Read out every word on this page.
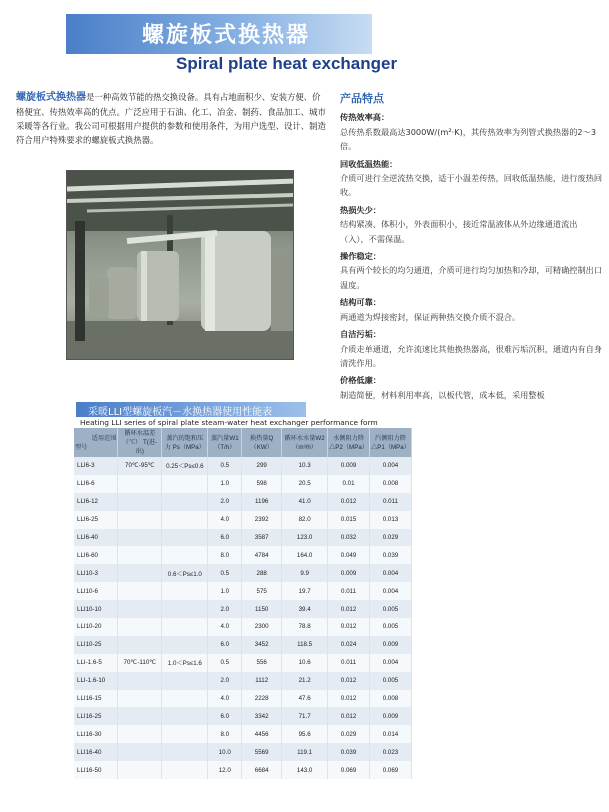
螺旋板式换热器
Spiral plate heat exchanger
螺旋板式换热器是一种高效节能的热交换设备。具有占地面积少、安装方便、价格便宜、传热效率高的优点。广泛应用于石油、化工、冶金、制药、食品加工、城市采暖等各行业。我公司可根据用户提供的参数和使用条件，为用户选型、设计、制造符合用户特殊要求的螺旋板式换热器。
产品特点
传热效率高：
总传热系数最高达3000W/(m²·K)，其传热效率为列管式换热器的2～3倍。
回收低温热能：
介质可进行全逆流热交换，适于小温差传热，回收低温热能，进行废热回收。
热损失少：
结构紧凑、体积小，外表面积小，接近常温液体从外边缘通道流出（入），不需保温。
操作稳定：
具有两个较长的均匀通道，介质可进行均匀加热和冷却，可精确控制出口温度。
结构可靠：
两通道为焊接密封，保证两种热交换介质不混合。
自洁污垢：
介质走单通道，允许流速比其他换热器高，很难污垢沉积，通道内有自身清洗作用。
价格低廉：
制造简便，材料利用率高，以板代管，成本低，采用整板
采暖LLI型螺旋板汽－水换热器使用性能表
Heating LLI series of spiral plate steam-water heat exchanger performance form
适用范围
型号	循环水温差（℃） T(进-出)	蒸汽的饱和压力 Ps（MPa）	蒸汽量W1（T/h）	换热量Q（KW）	循环水水量W2（m³/h）	水侧阻力降 △P2（MPa）	汽侧阻力降 △P1（MPa）
LLI6-3	70℃-95℃	0.25＜Ps≤0.6	0.5	299	10.3	0.009	0.004
LLI6-6			1.0	598	20.5	0.01	0.008
LLI6-12			2.0	1196	41.0	0.012	0.011
LLI6-25			4.0	2392	82.0	0.015	0.013
LLI6-40			6.0	3587	123.0	0.032	0.029
LLI6-60			8.0	4784	164.0	0.049	0.039
LLI10-3		0.6＜Ps≤1.0	0.5	288	9.9	0.009	0.004
LLI10-6			1.0	575	19.7	0.011	0.004
LLI10-10			2.0	1150	39.4	0.012	0.005
LLI10-20			4.0	2300	78.8	0.012	0.005
LLI10-25			6.0	3452	118.5	0.024	0.009
LLI-1.6-5	70℃-110℃	1.0＜Ps≤1.6	0.5	556	10.6	0.011	0.004
LLI-1.6-10			2.0	1112	21.2	0.012	0.005
LLI16-15			4.0	2228	47.6	0.012	0.008
LLI16-25			6.0	3342	71.7	0.012	0.009
LLI16-30			8.0	4456	95.6	0.029	0.014
LLI16-40			10.0	5569	119.1	0.039	0.023
LLI16-50			12.0	6684	143.0	0.069	0.069
